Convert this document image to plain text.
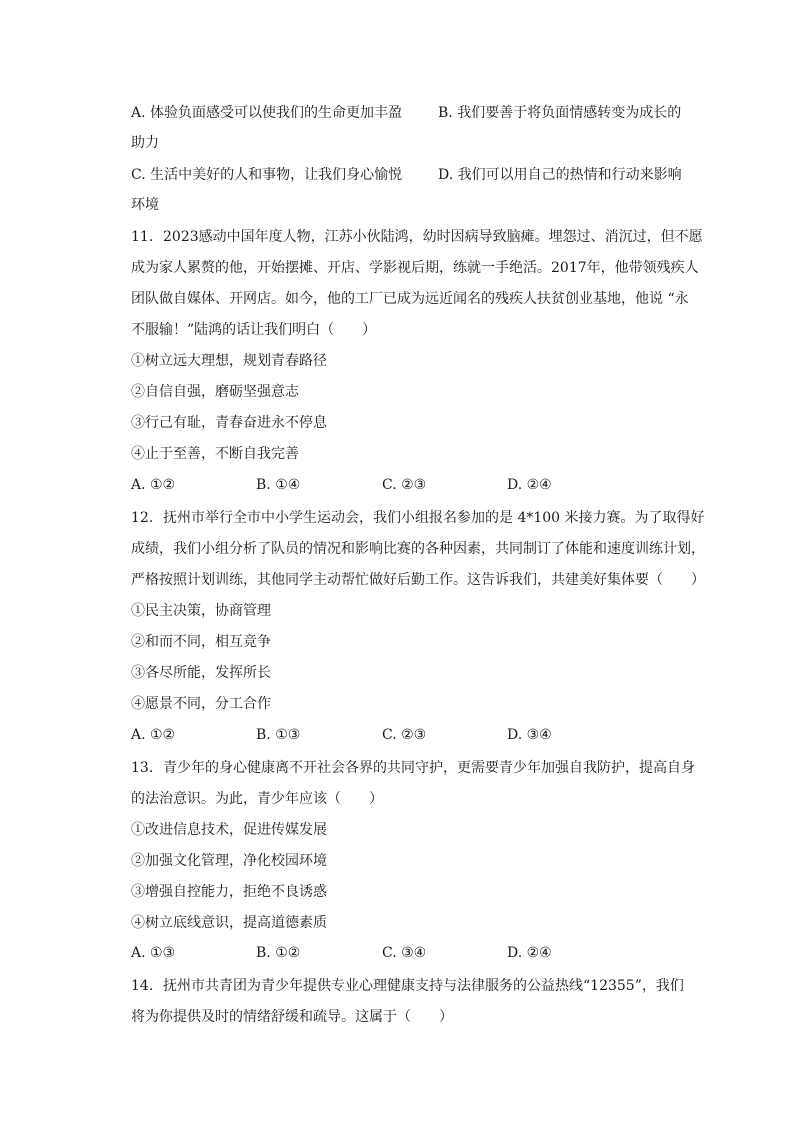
A. 体验负面感受可以使我们的生命更加丰盈	B. 我们要善于将负面情感转变为成长的
助力
C. 生活中美好的人和事物，让我们身心愉悦	D. 我们可以用自己的热情和行动来影响
环境
11. 2023感动中国年度人物，江苏小伙陆鸿，幼时因病导致脑瘫。埋怨过、消沉过，但不愿
成为家人累赘的他，开始摆摊、开店、学影视后期，练就一手绝活。2017年，他带领残疾人
团队做自媒体、开网店。如今，他的工厂已成为远近闻名的残疾人扶贫创业基地，他说 “永
不服输！”陆鸿的话让我们明白（　　）
①树立远大理想，规划青春路径
②自信自强，磨砺坚强意志
③行己有耻，青春奋进永不停息
④止于至善，不断自我完善
A. ①②	B. ①④	C. ②③	D. ②④
12. 抚州市举行全市中小学生运动会，我们小组报名参加的是 4*100 米接力赛。为了取得好
成绩，我们小组分析了队员的情况和影响比赛的各种因素，共同制订了体能和速度训练计划，
严格按照计划训练，其他同学主动帮忙做好后勤工作。这告诉我们，共建美好集体要（　　）
①民主决策，协商管理
②和而不同，相互竞争
③各尽所能，发挥所长
④愿景不同，分工合作
A. ①②	B. ①③	C. ②③	D. ③④
13. 青少年的身心健康离不开社会各界的共同守护，更需要青少年加强自我防护，提高自身
的法治意识。为此，青少年应该（　　）
①改进信息技术，促进传媒发展
②加强文化管理，净化校园环境
③增强自控能力，拒绝不良诱惑
④树立底线意识，提高道德素质
A. ①③	B. ①②	C. ③④	D. ②④
14. 抚州市共青团为青少年提供专业心理健康支持与法律服务的公益热线“12355”，我们
将为你提供及时的情绪舒缓和疏导。这属于（　　）
